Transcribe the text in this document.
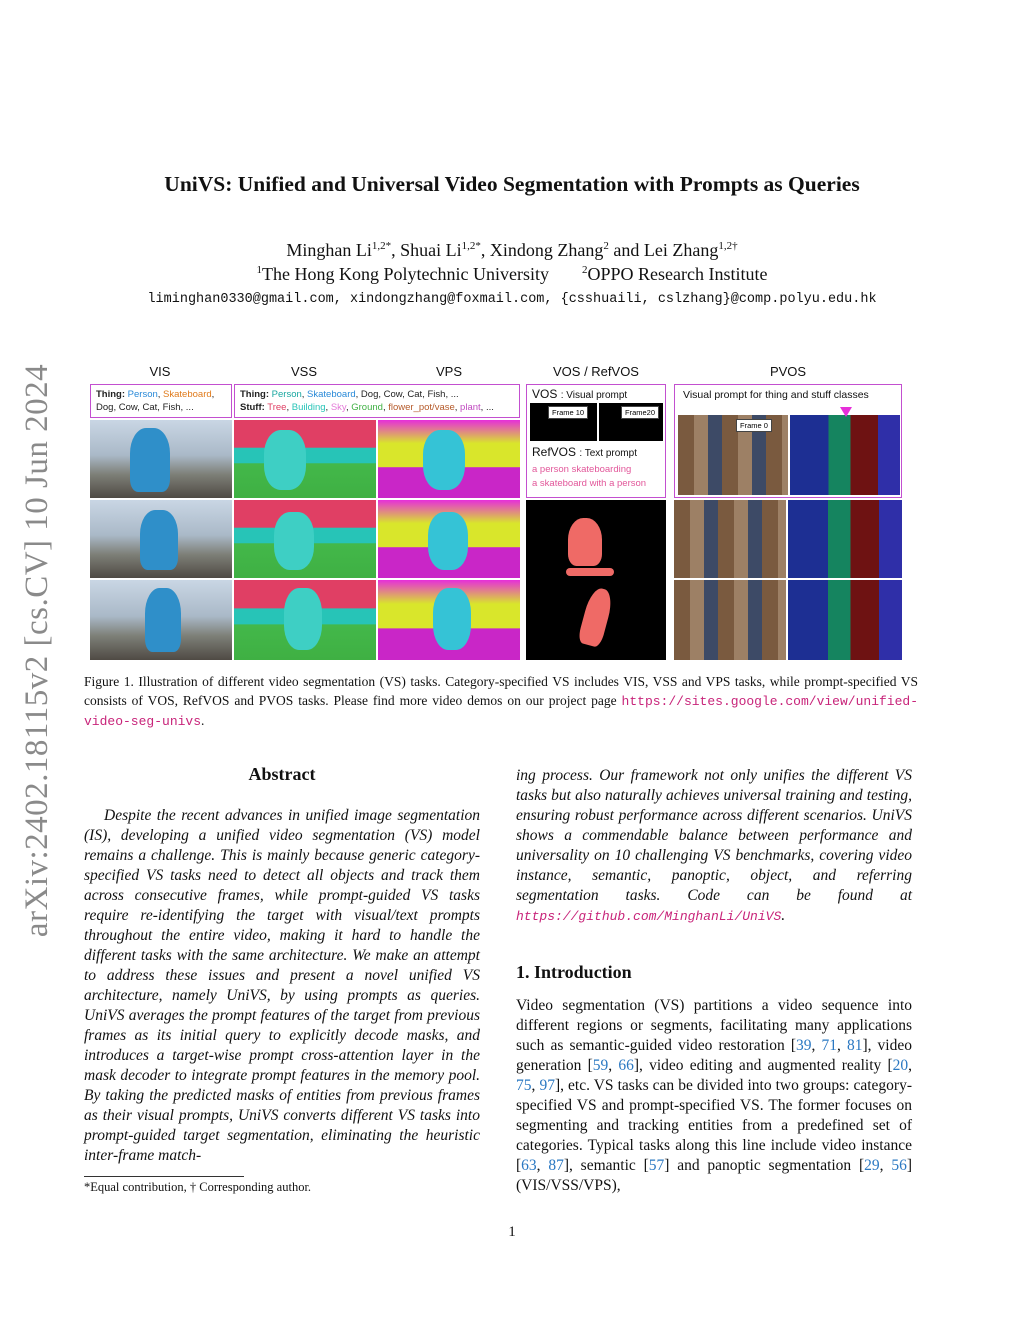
arXiv:2402.18115v2 [cs.CV] 10 Jun 2024
UniVS: Unified and Universal Video Segmentation with Prompts as Queries
Minghan $Li^{1,2*}$, Shuai $Li^{1,2*}$, Xindong Zhang$^2$ and Lei Zhang$^{1,2\dagger}$
$^1$The Hong Kong Polytechnic University	$^2$OPPO Research Institute
liminghan0330@gmail.com, xindongzhang@foxmail.com, {csshuaili, cslzhang}@comp.polyu.edu.hk
VIS	VSS	VPS	VOS / RefVOS	PVOS
Thing: Person, Skateboard,
Dog, Cow, Cat, Fish, ...
Thing: Person, Skateboard, Dog, Cow, Cat, Fish, ...
Stuff: Tree, Building, Sky, Ground, flower_pot/vase, plant, ...
VOS : Visual prompt
Frame 10	Frame20
RefVOS : Text prompt
a person skateboarding
a skateboard with a person
Visual prompt for thing and stuff classes
Frame 0
Figure 1. Illustration of different video segmentation (VS) tasks. Category-specified VS includes VIS, VSS and VPS tasks, while prompt-specified VS consists of VOS, RefVOS and PVOS tasks. Please find more video demos on our project page https://sites.google.com/view/unified-video-seg-univs.
Abstract
Despite the recent advances in unified image segmentation (IS), developing a unified video segmentation (VS) model remains a challenge. This is mainly because generic category-specified VS tasks need to detect all objects and track them across consecutive frames, while prompt-guided VS tasks require re-identifying the target with visual/text prompts throughout the entire video, making it hard to handle the different tasks with the same architecture. We make an attempt to address these issues and present a novel unified VS architecture, namely UniVS, by using prompts as queries. UniVS averages the prompt features of the target from previous frames as its initial query to explicitly decode masks, and introduces a target-wise prompt cross-attention layer in the mask decoder to integrate prompt features in the memory pool. By taking the predicted masks of entities from previous frames as their visual prompts, UniVS converts different VS tasks into prompt-guided target segmentation, eliminating the heuristic inter-frame match-
*Equal contribution, † Corresponding author.
ing process. Our framework not only unifies the different VS tasks but also naturally achieves universal training and testing, ensuring robust performance across different scenarios. UniVS shows a commendable balance between performance and universality on 10 challenging VS benchmarks, covering video instance, semantic, panoptic, object, and referring segmentation tasks. Code can be found at https://github.com/MinghanLi/UniVS.
1. Introduction
Video segmentation (VS) partitions a video sequence into different regions or segments, facilitating many applications such as semantic-guided video restoration [39, 71, 81], video generation [59, 66], video editing and augmented reality [20, 75, 97], etc. VS tasks can be divided into two groups: category-specified VS and prompt-specified VS. The former focuses on segmenting and tracking entities from a predefined set of categories. Typical tasks along this line include video instance [63, 87], semantic [57] and panoptic segmentation [29, 56] (VIS/VSS/VPS),
1
